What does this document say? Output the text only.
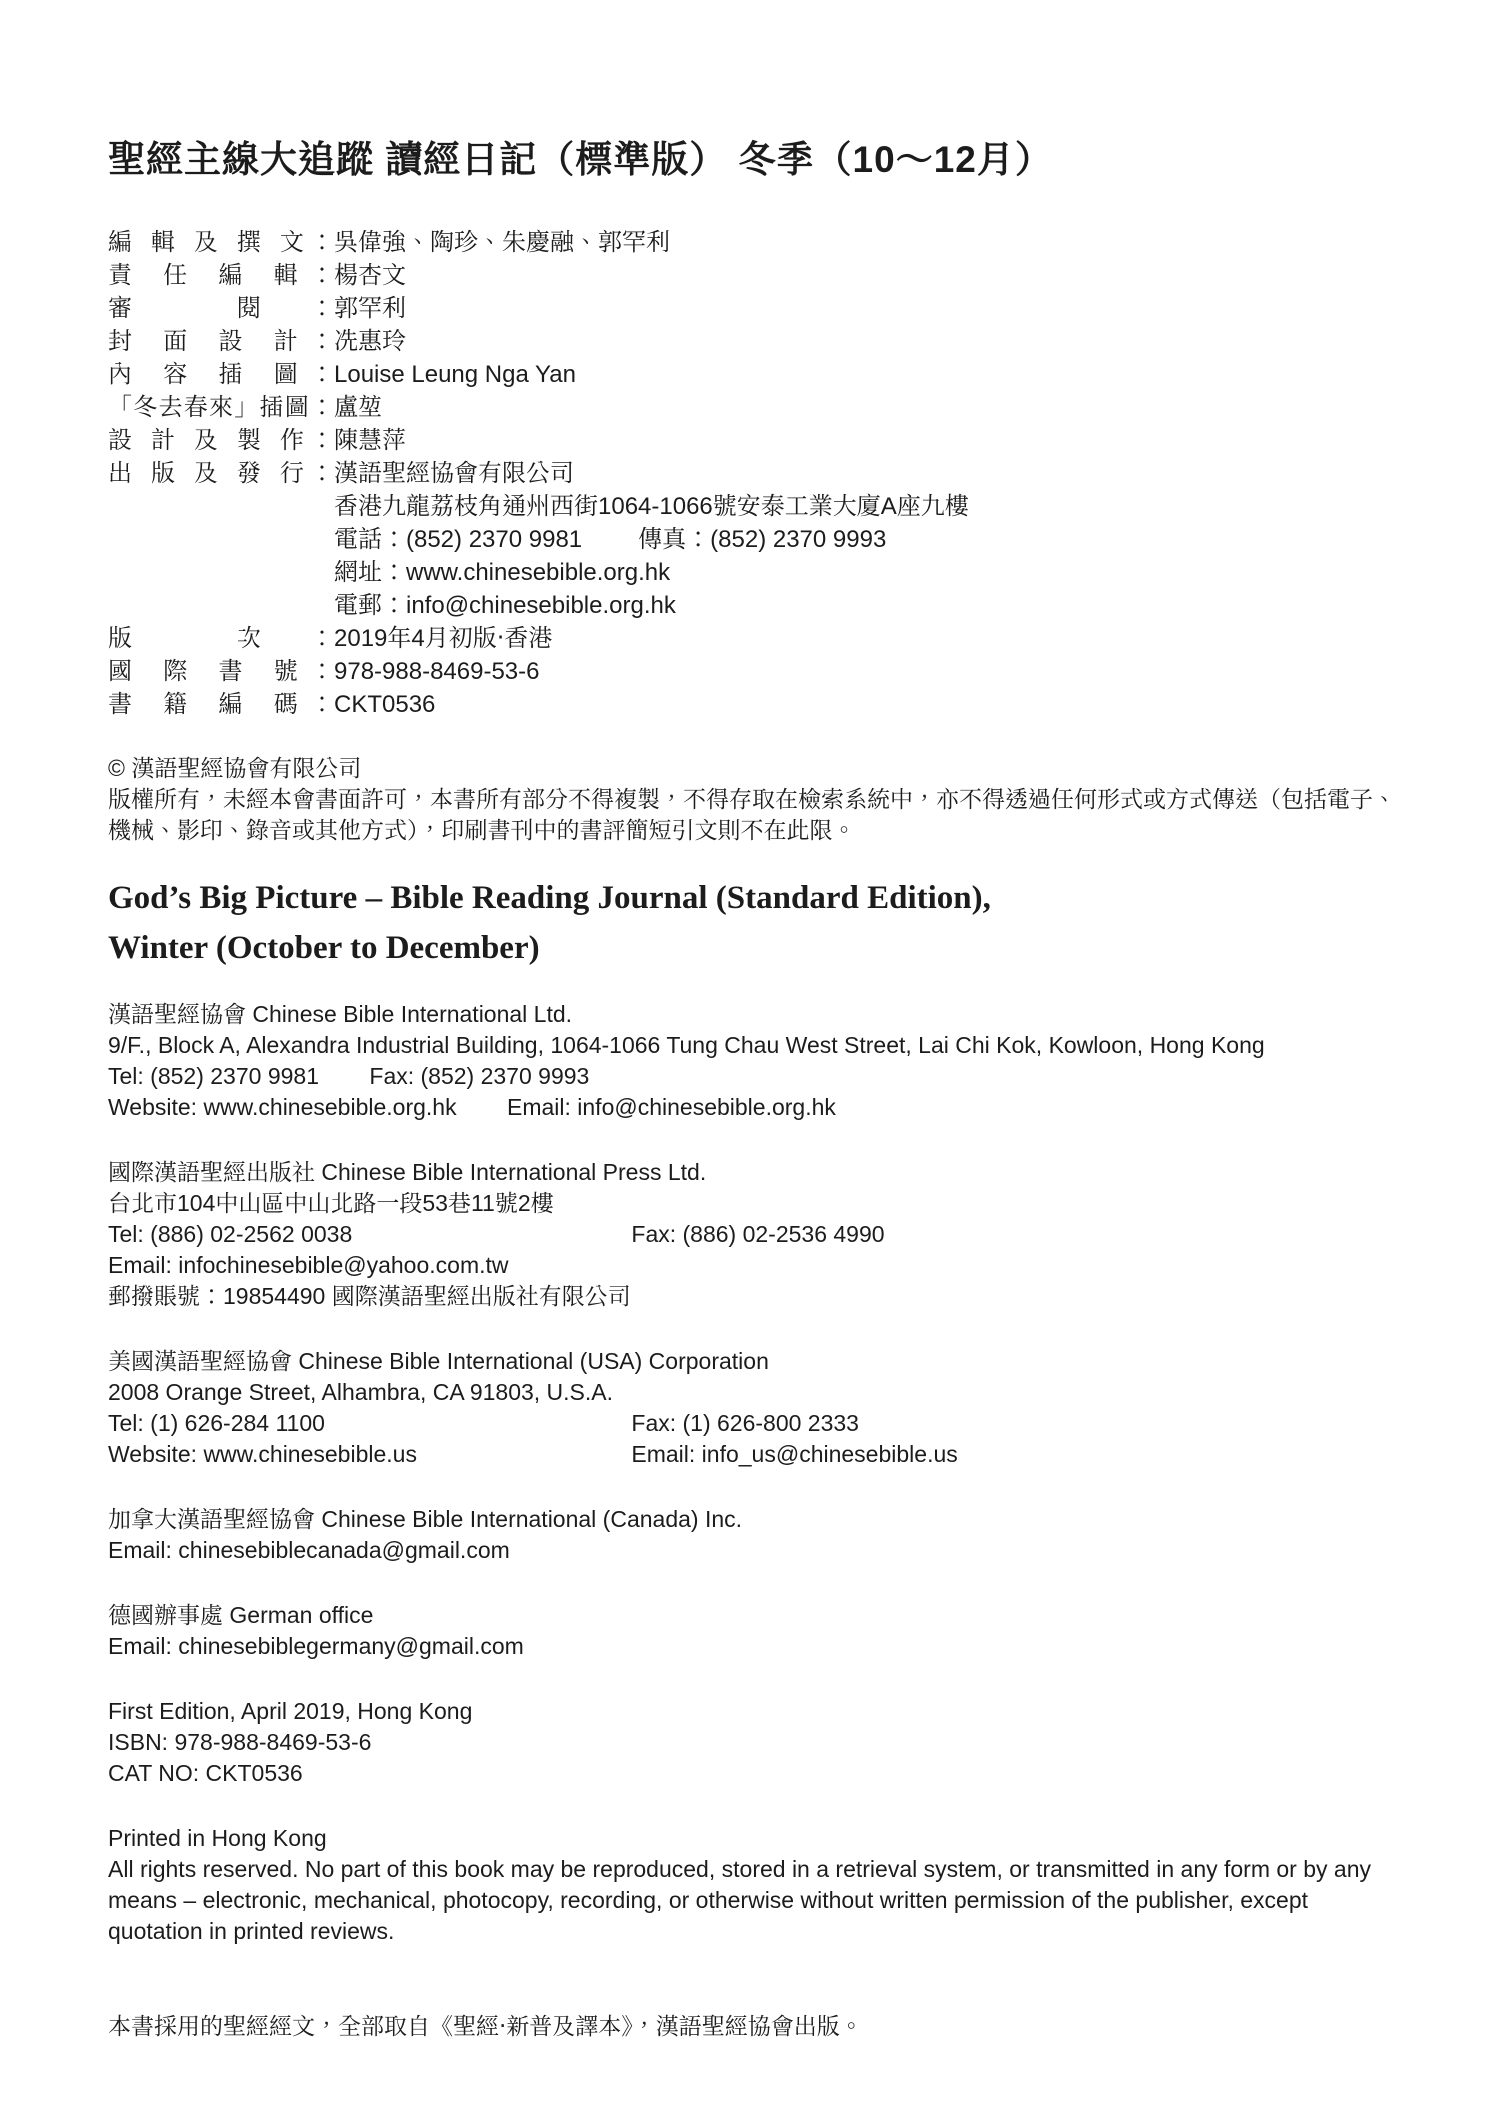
聖經主線大追蹤 讀經日記（標準版） 冬季（10～12月）
編 輯 及 撰 文： 吳偉強、陶珍、朱慶融、郭罕利
責 任 編 輯： 楊杏文
審 閱： 郭罕利
封 面 設 計： 冼惠玲
內 容 插 圖： Louise Leung Nga Yan
「冬去春來」插圖： 盧堃
設 計 及 製 作： 陳慧萍
出 版 及 發 行： 漢語聖經協會有限公司
香港九龍荔枝角通州西街1064-1066號安泰工業大廈A座九樓
電話：(852) 2370 9981 傳真：(852) 2370 9993
網址：www.chinesebible.org.hk
電郵：info@chinesebible.org.hk
版 次： 2019年4月初版‧香港
國 際 書 號： 978-988-8469-53-6
書 籍 編 碼： CKT0536
© 漢語聖經協會有限公司
版權所有，未經本會書面許可，本書所有部分不得複製，不得存取在檢索系統中，亦不得透過任何形式或方式傳送（包括電子、機械、影印、錄音或其他方式），印刷書刊中的書評簡短引文則不在此限。
God’s Big Picture – Bible Reading Journal (Standard Edition),
Winter (October to December)
漢語聖經協會 Chinese Bible International Ltd.
9/F., Block A, Alexandra Industrial Building, 1064-1066 Tung Chau West Street, Lai Chi Kok, Kowloon, Hong Kong
Tel: (852) 2370 9981 Fax: (852) 2370 9993
Website: www.chinesebible.org.hk Email: info@chinesebible.org.hk
國際漢語聖經出版社 Chinese Bible International Press Ltd.
台北市104中山區中山北路一段53巷11號2樓
Tel: (886) 02-2562 0038	Fax: (886) 02-2536 4990
Email: infochinesebible@yahoo.com.tw
郵撥賬號：19854490 國際漢語聖經出版社有限公司
美國漢語聖經協會 Chinese Bible International (USA) Corporation
2008 Orange Street, Alhambra, CA 91803, U.S.A.
Tel: (1) 626-284 1100	Fax: (1) 626-800 2333
Website: www.chinesebible.us	Email: info_us@chinesebible.us
加拿大漢語聖經協會 Chinese Bible International (Canada) Inc.
Email: chinesebiblecanada@gmail.com
德國辦事處 German office
Email: chinesebiblegermany@gmail.com
First Edition, April 2019, Hong Kong
ISBN: 978-988-8469-53-6
CAT NO: CKT0536
Printed in Hong Kong
All rights reserved. No part of this book may be reproduced, stored in a retrieval system, or transmitted in any form or by any means – electronic, mechanical, photocopy, recording, or otherwise without written permission of the publisher, except quotation in printed reviews.
本書採用的聖經經文，全部取自《聖經‧新普及譯本》，漢語聖經協會出版。
